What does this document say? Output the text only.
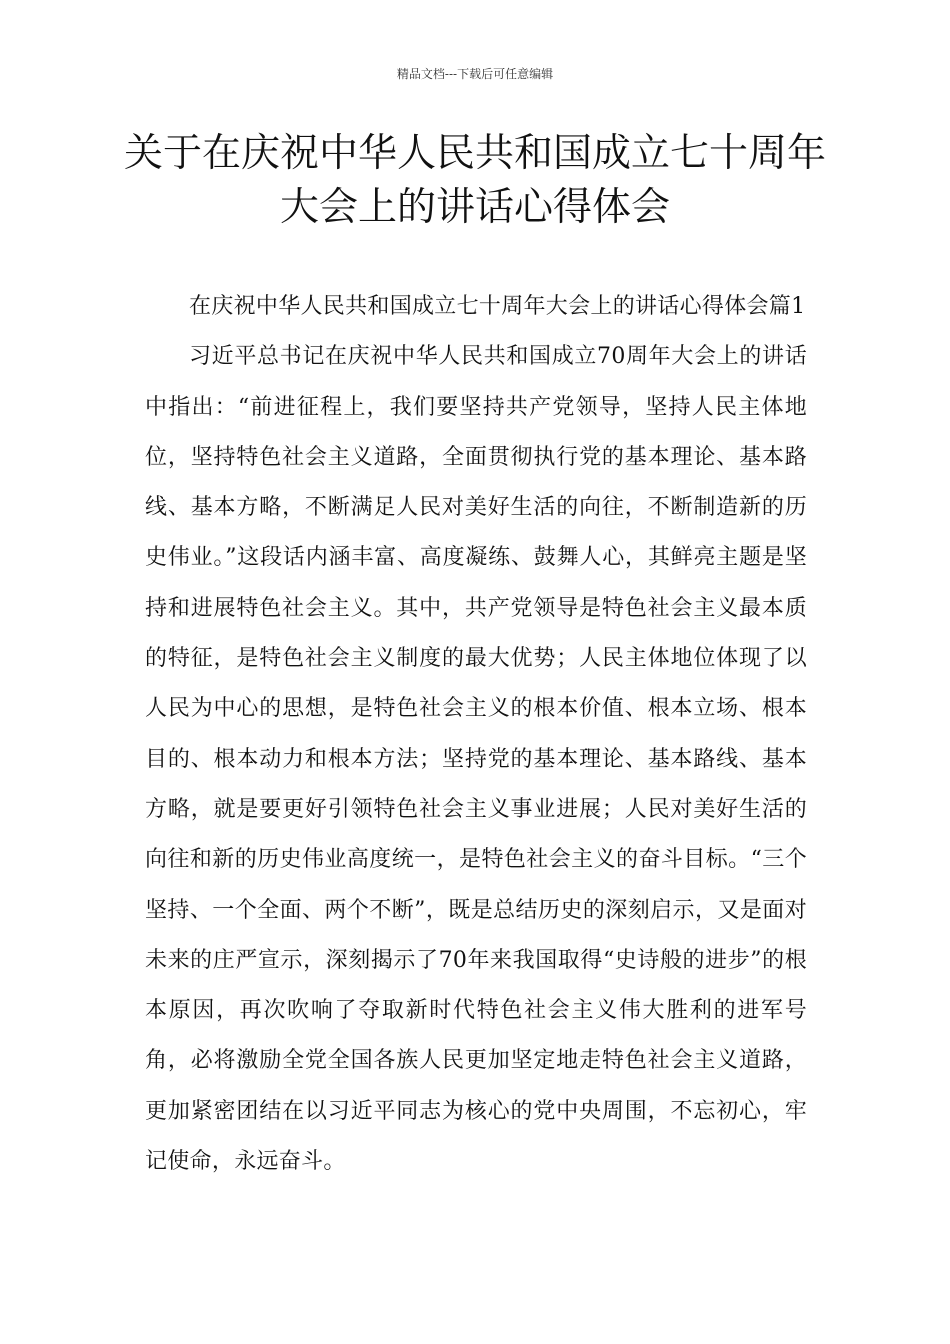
精品文档---下载后可任意编辑
关于在庆祝中华人民共和国成立七十周年大会上的讲话心得体会

在庆祝中华人民共和国成立七十周年大会上的讲话心得体会篇1

习近平总书记在庆祝中华人民共和国成立70周年大会上的讲话中指出：“前进征程上，我们要坚持共产党领导，坚持人民主体地位，坚持特色社会主义道路，全面贯彻执行党的基本理论、基本路线、基本方略，不断满足人民对美好生活的向往，不断制造新的历史伟业。”这段话内涵丰富、高度凝练、鼓舞人心，其鲜亮主题是坚持和进展特色社会主义。其中，共产党领导是特色社会主义最本质的特征，是特色社会主义制度的最大优势；人民主体地位体现了以人民为中心的思想，是特色社会主义的根本价值、根本立场、根本目的、根本动力和根本方法；坚持党的基本理论、基本路线、基本方略，就是要更好引领特色社会主义事业进展；人民对美好生活的向往和新的历史伟业高度统一，是特色社会主义的奋斗目标。“三个坚持、一个全面、两个不断”，既是总结历史的深刻启示，又是面对未来的庄严宣示，深刻揭示了70年来我国取得“史诗般的进步”的根本原因，再次吹响了夺取新时代特色社会主义伟大胜利的进军号角，必将激励全党全国各族人民更加坚定地走特色社会主义道路，更加紧密团结在以习近平同志为核心的党中央周围，不忘初心，牢记使命，永远奋斗。
